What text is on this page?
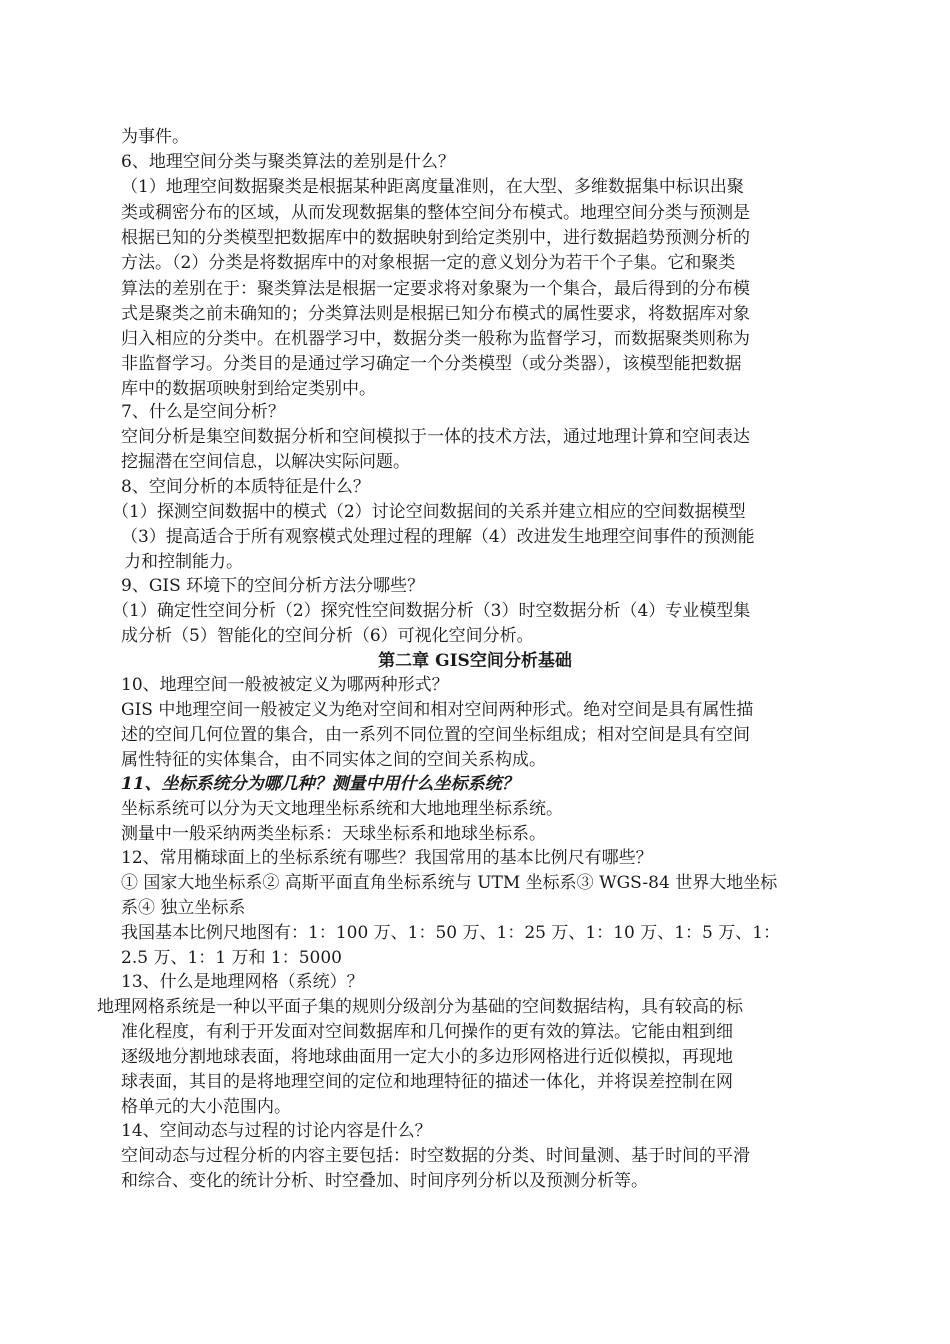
为事件。
6、地理空间分类与聚类算法的差别是什么？
（1）地理空间数据聚类是根据某种距离度量准则，在大型、多维数据集中标识出聚
类或稠密分布的区域，从而发现数据集的整体空间分布模式。地理空间分类与预测是
根据已知的分类模型把数据库中的数据映射到给定类别中，进行数据趋势预测分析的
方法。（2）分类是将数据库中的对象根据一定的意义划分为若干个子集。它和聚类
算法的差别在于：聚类算法是根据一定要求将对象聚为一个集合，最后得到的分布模
式是聚类之前未确知的；分类算法则是根据已知分布模式的属性要求，将数据库对象
归入相应的分类中。在机器学习中，数据分类一般称为监督学习，而数据聚类则称为
非监督学习。分类目的是通过学习确定一个分类模型（或分类器），该模型能把数据
库中的数据项映射到给定类别中。
7、什么是空间分析？
空间分析是集空间数据分析和空间模拟于一体的技术方法，通过地理计算和空间表达
挖掘潜在空间信息，以解决实际问题。
8、空间分析的本质特征是什么？
（1）探测空间数据中的模式（2）讨论空间数据间的关系并建立相应的空间数据模型
（3）提高适合于所有观察模式处理过程的理解（4）改进发生地理空间事件的预测能
力和控制能力。
9、GIS 环境下的空间分析方法分哪些？
（1）确定性空间分析（2）探究性空间数据分析（3）时空数据分析（4）专业模型集
成分析（5）智能化的空间分析（6）可视化空间分析。
第二章 GIS空间分析基础
10、地理空间一般被被定义为哪两种形式？
GIS 中地理空间一般被定义为绝对空间和相对空间两种形式。绝对空间是具有属性描
述的空间几何位置的集合，由一系列不同位置的空间坐标组成；相对空间是具有空间
属性特征的实体集合，由不同实体之间的空间关系构成。
11、坐标系统分为哪几种？测量中用什么坐标系统？
坐标系统可以分为天文地理坐标系统和大地地理坐标系统。
测量中一般采纳两类坐标系：天球坐标系和地球坐标系。
12、常用椭球面上的坐标系统有哪些？我国常用的基本比例尺有哪些？
① 国家大地坐标系② 高斯平面直角坐标系统与 UTM 坐标系③ WGS-84 世界大地坐标
系④ 独立坐标系
我国基本比例尺地图有：1：100 万、1：50 万、1：25 万、1：10 万、1：5 万、1：
2.5 万、1：1 万和 1：5000
13、什么是地理网格（系统）？
地理网格系统是一种以平面子集的规则分级剖分为基础的空间数据结构，具有较高的标
准化程度，有利于开发面对空间数据库和几何操作的更有效的算法。它能由粗到细
逐级地分割地球表面，将地球曲面用一定大小的多边形网格进行近似模拟，再现地
球表面，其目的是将地理空间的定位和地理特征的描述一体化，并将误差控制在网
格单元的大小范围内。
14、空间动态与过程的讨论内容是什么？
空间动态与过程分析的内容主要包括：时空数据的分类、时间量测、基于时间的平滑
和综合、变化的统计分析、时空叠加、时间序列分析以及预测分析等。
